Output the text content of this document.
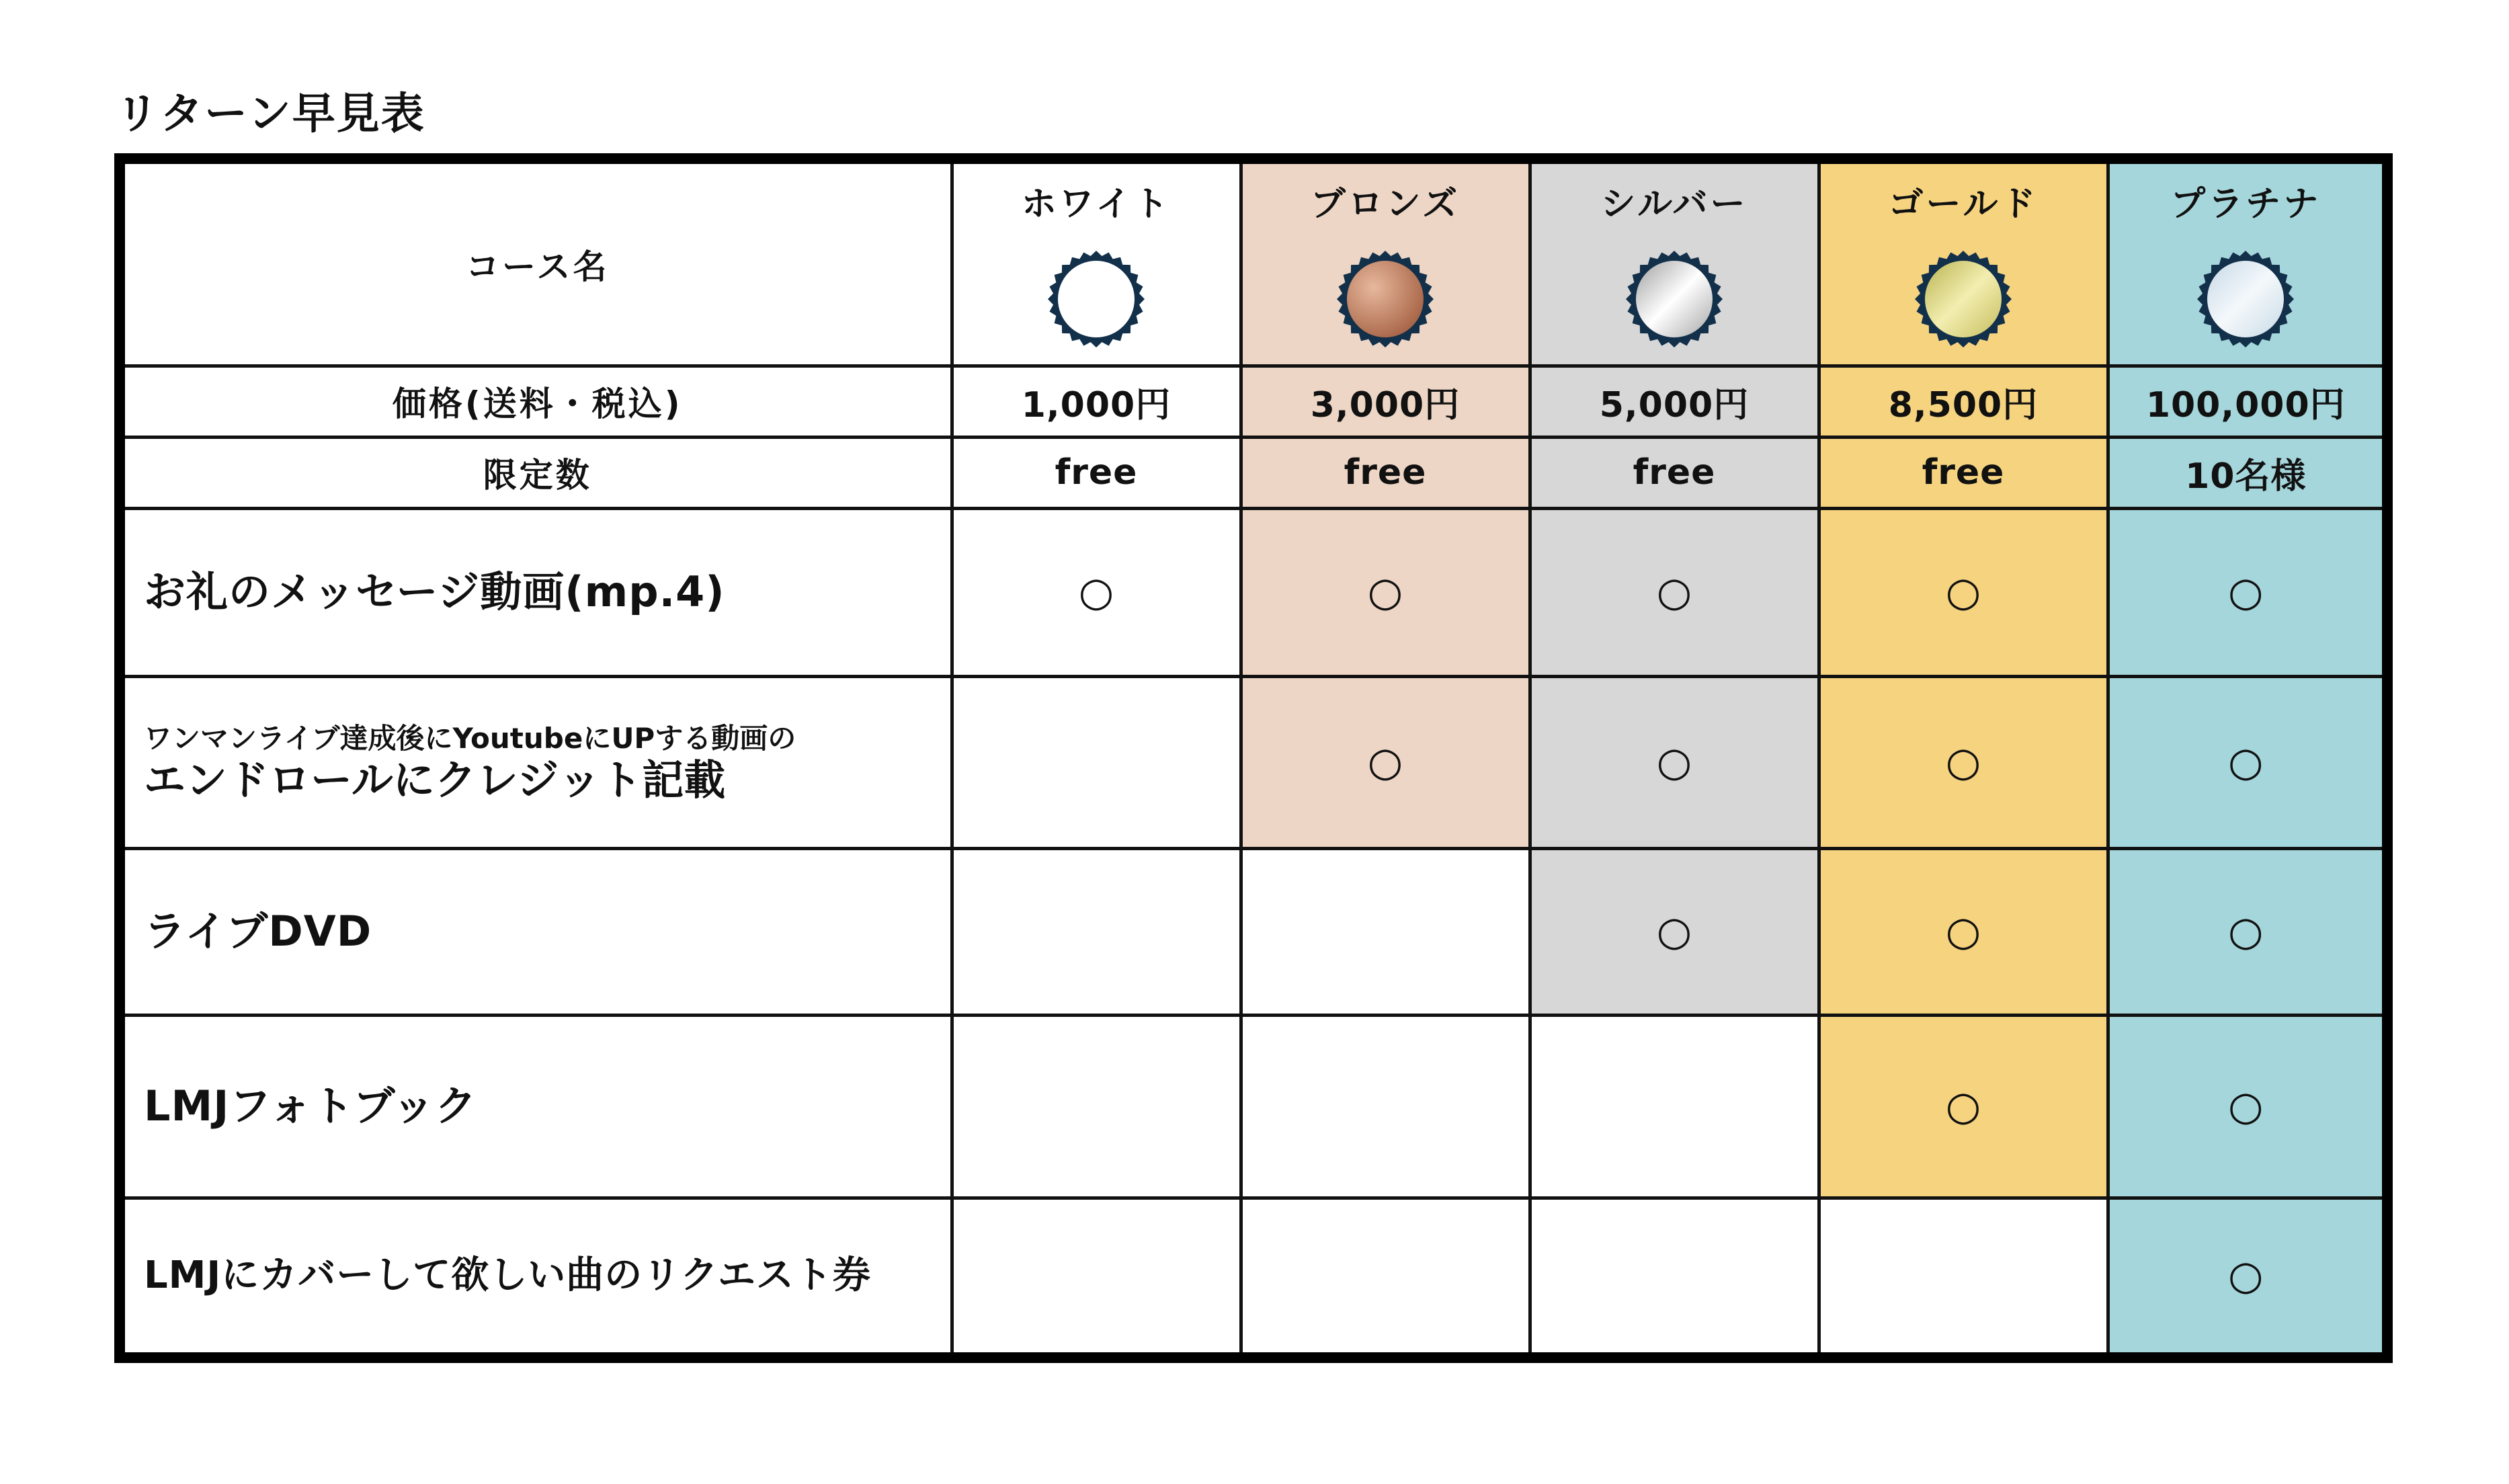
リターン早見表
コース名	ホワイト	ブロンズ	シルバー	ゴールド	プラチナ

価格(送料・税込)	1,000円	3,000円	5,000円	8,500円	100,000円
限定数	free	free	free	free	10名様
お礼のメッセージ動画(mp.4)	○	○	○	○	○

ワンマンライブ達成後にYoutubeにUPする動画の
エンドロールにクレジット記載		○	○	○	○
ライブDVD			○	○	○
LMJフォトブック				○	○
LMJにカバーして欲しい曲のリクエスト券					○
